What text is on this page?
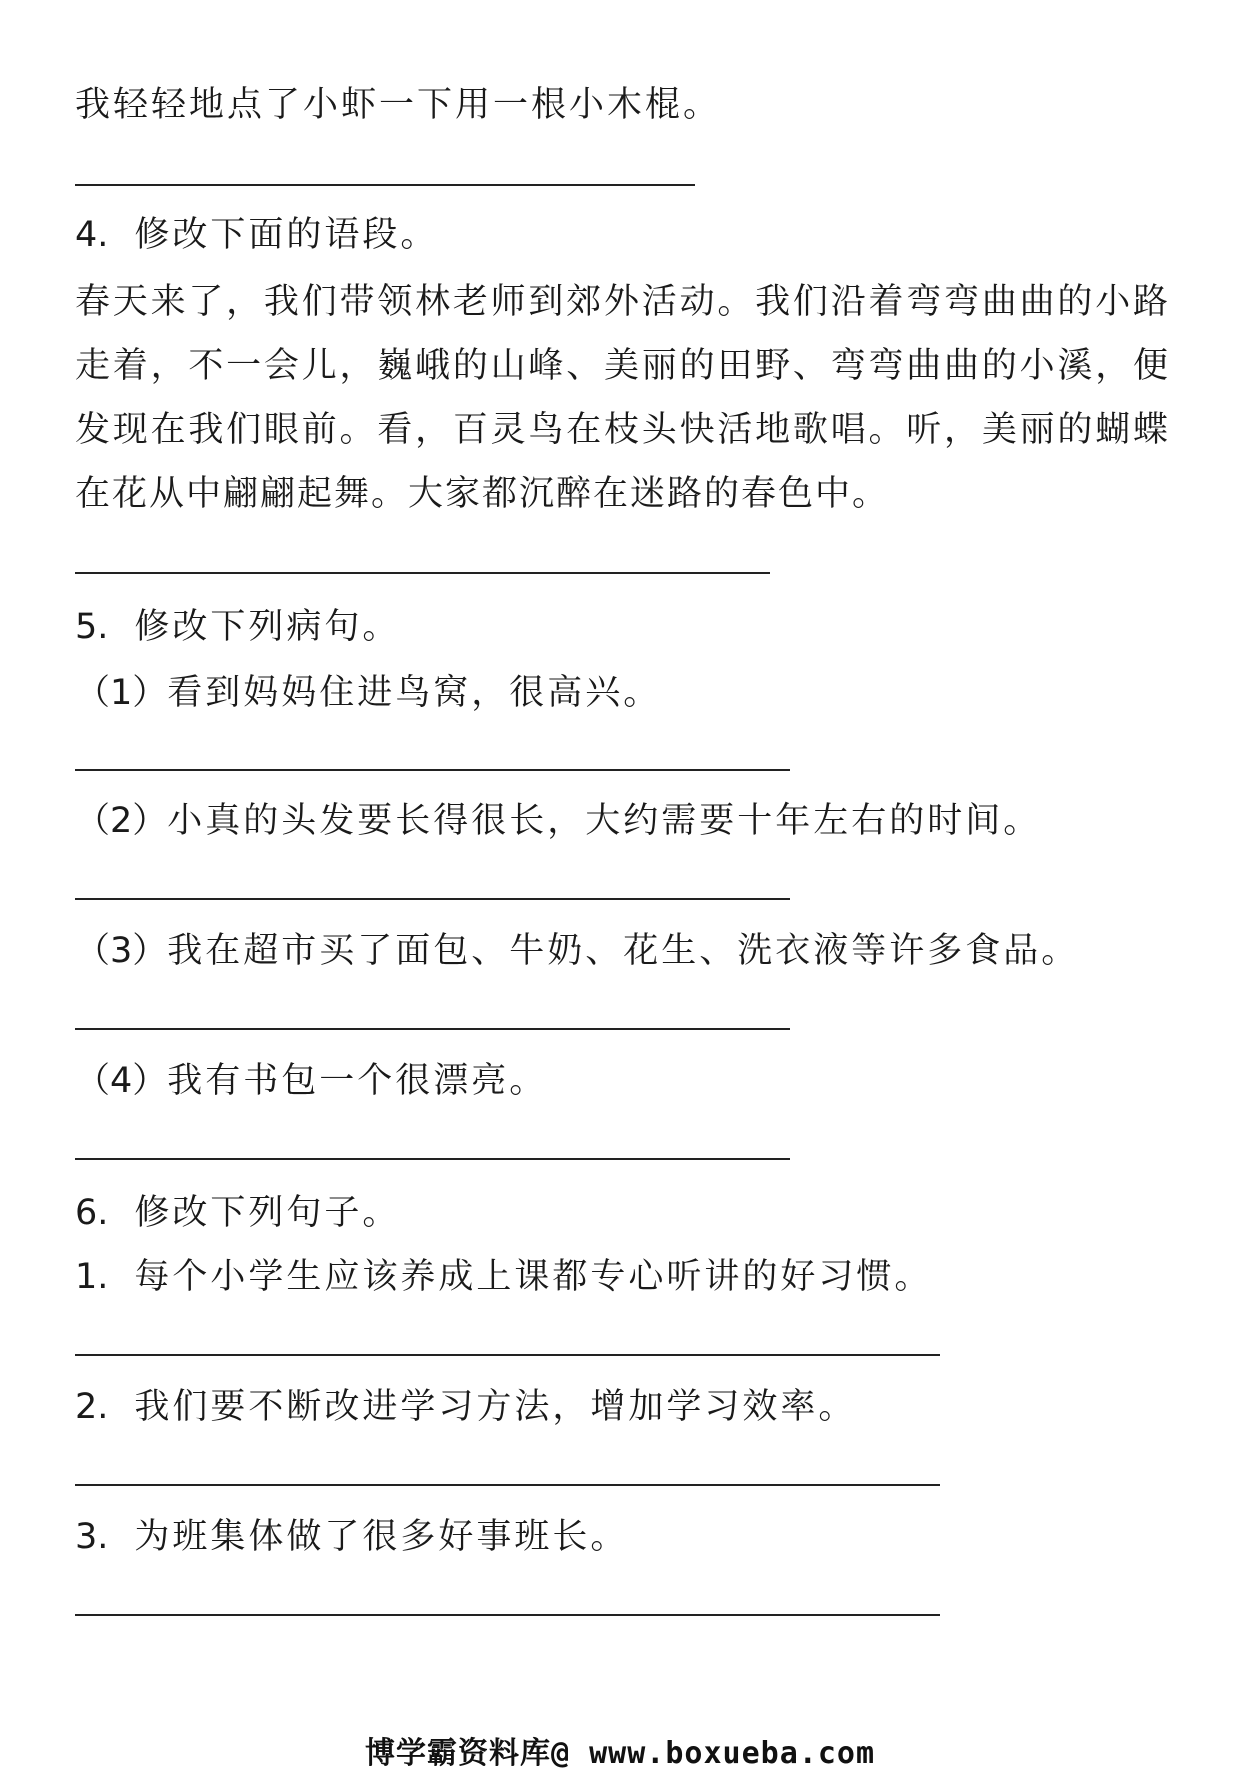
我轻轻地点了小虾一下用一根小木棍。
4. 修改下面的语段。
春天来了，我们带领林老师到郊外活动。我们沿着弯弯曲曲的小路走着，不一会儿，巍峨的山峰、美丽的田野、弯弯曲曲的小溪，便发现在我们眼前。看，百灵鸟在枝头快活地歌唱。听，美丽的蝴蝶在花从中翩翩起舞。大家都沉醉在迷路的春色中。
5. 修改下列病句。
（1）看到妈妈住进鸟窝，很高兴。
（2）小真的头发要长得很长，大约需要十年左右的时间。
（3）我在超市买了面包、牛奶、花生、洗衣液等许多食品。
（4）我有书包一个很漂亮。
6. 修改下列句子。
1. 每个小学生应该养成上课都专心听讲的好习惯。
2. 我们要不断改进学习方法，增加学习效率。
3. 为班集体做了很多好事班长。
博学霸资料库@ www.boxueba.com
